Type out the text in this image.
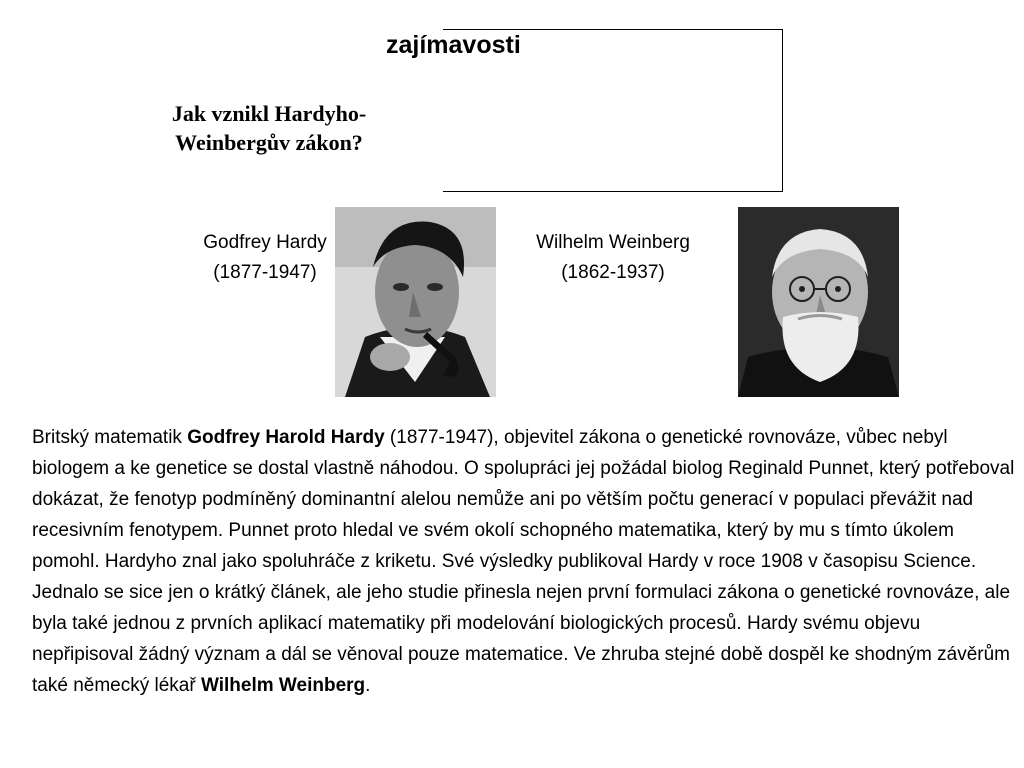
zajímavosti
Jak vznikl Hardyho-
Weinbergův zákon?
Godfrey Hardy
(1877-1947)
Wilhelm Weinberg
(1862-1937)

Britský matematik Godfrey Harold Hardy (1877-1947), objevitel zákona o genetické rovnováze, vůbec nebyl biologem a ke genetice se dostal vlastně náhodou. O spolupráci jej požádal biolog Reginald Punnet, který potřeboval dokázat, že fenotyp podmíněný dominantní alelou nemůže ani po větším počtu generací v populaci převážit nad recesivním fenotypem. Punnet proto hledal ve svém okolí schopného matematika, který by mu s tímto úkolem pomohl. Hardyho znal jako spoluhráče z kriketu. Své výsledky publikoval Hardy v roce 1908 v časopisu Science. Jednalo se sice jen o krátký článek, ale jeho studie přinesla nejen první formulaci zákona o genetické rovnováze, ale byla také jednou z prvních aplikací matematiky při modelování biologických procesů. Hardy svému objevu nepřipisoval žádný význam a dál se věnoval pouze matematice. Ve zhruba stejné době dospěl ke shodným závěrům také německý lékař Wilhelm Weinberg.
